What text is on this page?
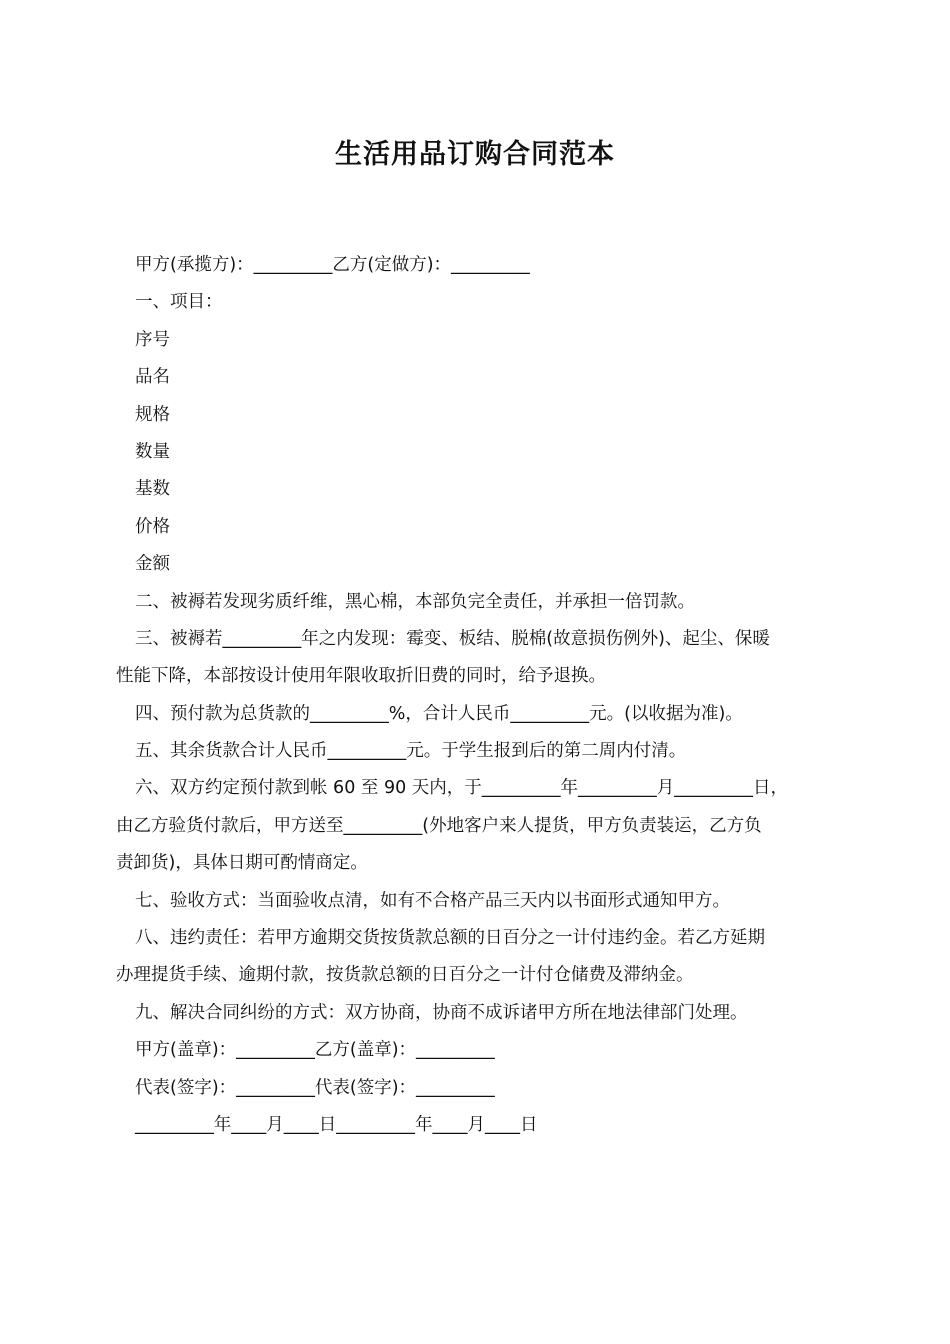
生活用品订购合同范本
甲方(承揽方)：_________乙方(定做方)：_________
一、项目：
序号
品名
规格
数量
基数
价格
金额
二、被褥若发现劣质纤维，黑心棉，本部负完全责任，并承担一倍罚款。
三、被褥若_________年之内发现：霉变、板结、脱棉(故意损伤例外)、起尘、保暖
性能下降，本部按设计使用年限收取折旧费的同时，给予退换。
四、预付款为总货款的_________%，合计人民币_________元。(以收据为准)。
五、其余货款合计人民币_________元。于学生报到后的第二周内付清。
六、双方约定预付款到帐 60 至 90 天内，于_________年_________月_________日，
由乙方验货付款后，甲方送至_________(外地客户来人提货，甲方负责装运，乙方负
责卸货)，具体日期可酌情商定。
七、验收方式：当面验收点清，如有不合格产品三天内以书面形式通知甲方。
八、违约责任：若甲方逾期交货按货款总额的日百分之一计付违约金。若乙方延期
办理提货手续、逾期付款，按货款总额的日百分之一计付仓储费及滞纳金。
九、解决合同纠纷的方式：双方协商，协商不成诉诸甲方所在地法律部门处理。
甲方(盖章)：_________乙方(盖章)：_________
代表(签字)：_________代表(签字)：_________
_________年____月____日_________年____月____日
